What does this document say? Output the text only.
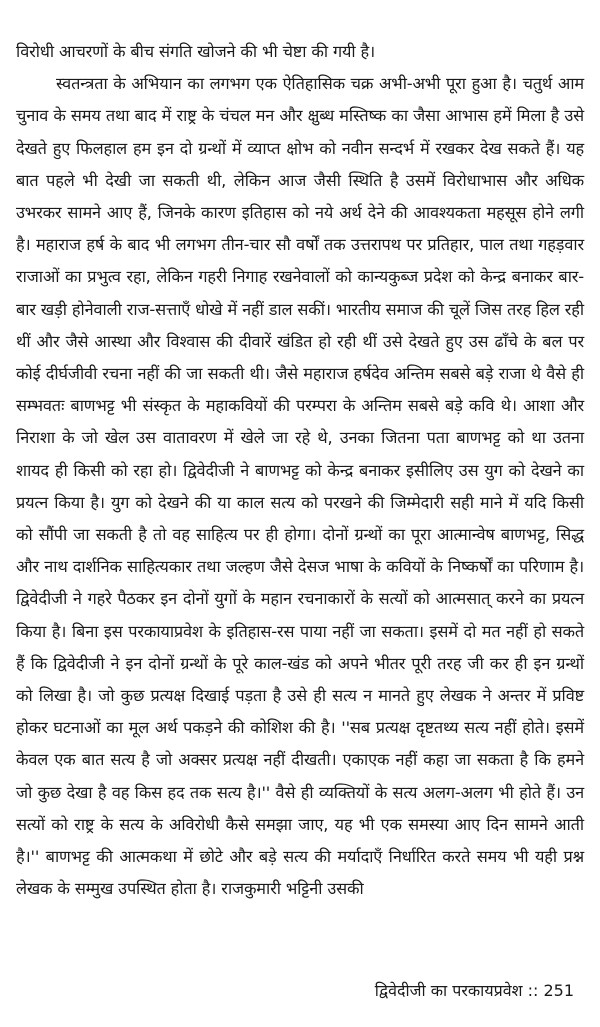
विरोधी आचरणों के बीच संगति खोजने की भी चेष्टा की गयी है।

स्वतन्त्रता के अभियान का लगभग एक ऐतिहासिक चक्र अभी-अभी पूरा हुआ है। चतुर्थ आम चुनाव के समय तथा बाद में राष्ट्र के चंचल मन और क्षुब्ध मस्तिष्क का जैसा आभास हमें मिला है उसे देखते हुए फिलहाल हम इन दो ग्रन्थों में व्याप्त क्षोभ को नवीन सन्दर्भ में रखकर देख सकते हैं। यह बात पहले भी देखी जा सकती थी, लेकिन आज जैसी स्थिति है उसमें विरोधाभास और अधिक उभरकर सामने आए हैं, जिनके कारण इतिहास को नये अर्थ देने की आवश्यकता महसूस होने लगी है। महाराज हर्ष के बाद भी लगभग तीन-चार सौ वर्षों तक उत्तरापथ पर प्रतिहार, पाल तथा गहड़वार राजाओं का प्रभुत्व रहा, लेकिन गहरी निगाह रखनेवालों को कान्यकुब्ज प्रदेश को केन्द्र बनाकर बार-बार खड़ी होनेवाली राज-सत्ताएँ धोखे में नहीं डाल सकीं। भारतीय समाज की चूलें जिस तरह हिल रही थीं और जैसे आस्था और विश्वास की दीवारें खंडित हो रही थीं उसे देखते हुए उस ढाँचे के बल पर कोई दीर्घजीवी रचना नहीं की जा सकती थी। जैसे महाराज हर्षदेव अन्तिम सबसे बड़े राजा थे वैसे ही सम्भवतः बाणभट्ट भी संस्कृत के महाकवियों की परम्परा के अन्तिम सबसे बड़े कवि थे। आशा और निराशा के जो खेल उस वातावरण में खेले जा रहे थे, उनका जितना पता बाणभट्ट को था उतना शायद ही किसी को रहा हो। द्विवेदीजी ने बाणभट्ट को केन्द्र बनाकर इसीलिए उस युग को देखने का प्रयत्न किया है। युग को देखने की या काल सत्य को परखने की जिम्मेदारी सही माने में यदि किसी को सौंपी जा सकती है तो वह साहित्य पर ही होगा। दोनों ग्रन्थों का पूरा आत्मान्वेष बाणभट्ट, सिद्ध और नाथ दार्शनिक साहित्यकार तथा जल्हण जैसे देसज भाषा के कवियों के निष्कर्षों का परिणाम है। द्विवेदीजी ने गहरे पैठकर इन दोनों युगों के महान रचनाकारों के सत्यों को आत्मसात् करने का प्रयत्न किया है। बिना इस परकायाप्रवेश के इतिहास-रस पाया नहीं जा सकता। इसमें दो मत नहीं हो सकते हैं कि द्विवेदीजी ने इन दोनों ग्रन्थों के पूरे काल-खंड को अपने भीतर पूरी तरह जी कर ही इन ग्रन्थों को लिखा है। जो कुछ प्रत्यक्ष दिखाई पड़ता है उसे ही सत्य न मानते हुए लेखक ने अन्तर में प्रविष्ट होकर घटनाओं का मूल अर्थ पकड़ने की कोशिश की है। ''सब प्रत्यक्ष दृष्टतथ्य सत्य नहीं होते। इसमें केवल एक बात सत्य है जो अक्सर प्रत्यक्ष नहीं दीखती। एकाएक नहीं कहा जा सकता है कि हमने जो कुछ देखा है वह किस हद तक सत्य है।'' वैसे ही व्यक्तियों के सत्य अलग-अलग भी होते हैं। उन सत्यों को राष्ट्र के सत्य के अविरोधी कैसे समझा जाए, यह भी एक समस्या आए दिन सामने आती है।'' बाणभट्ट की आत्मकथा में छोटे और बड़े सत्य की मर्यादाएँ निर्धारित करते समय भी यही प्रश्न लेखक के सम्मुख उपस्थित होता है। राजकुमारी भट्टिनी उसकी

द्विवेदीजी का परकायप्रवेश :: 251
